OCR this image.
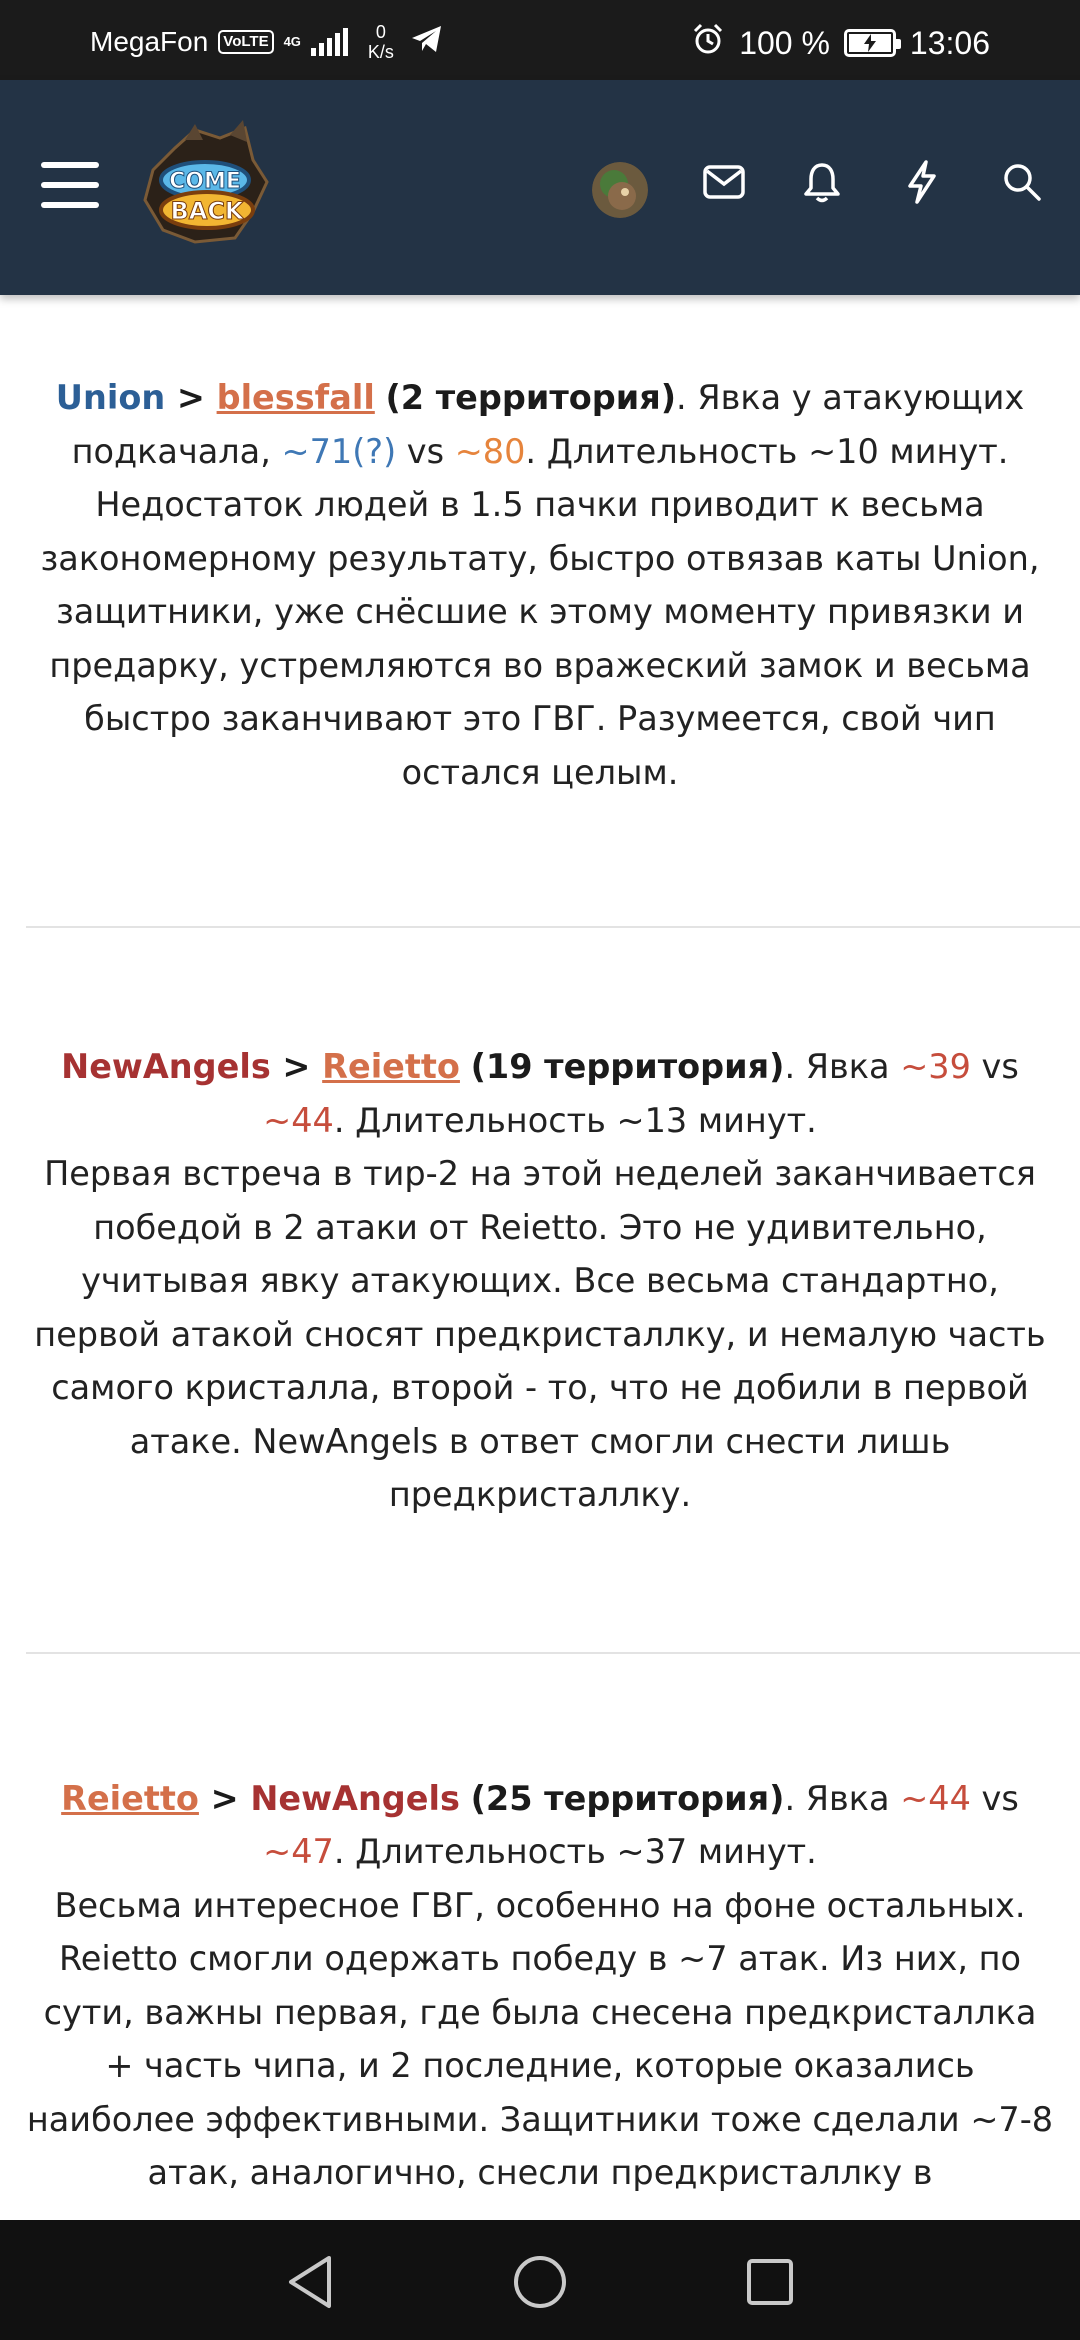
MegaFon	VoLTE	4G	0
K/s	100 %	13:06
COME
BACK

Union > blessfall (2 территория). Явка у атакующих подкачала, ~71(?) vs ~80. Длительность ~10 минут.

Недостаток людей в 1.5 пачки приводит к весьма закономерному результату, быстро отвязав каты Union, защитники, уже снёсшие к этому моменту привязки и предарку, устремляются во вражеский замок и весьма быстро заканчивают это ГВГ. Разумеется, свой чип остался целым.

NewAngels > Reietto (19 территория). Явка ~39 vs ~44. Длительность ~13 минут.

Первая встреча в тир-2 на этой неделей заканчивается победой в 2 атаки от Reietto. Это не удивительно, учитывая явку атакующих. Все весьма стандартно, первой атакой сносят предкристаллку, и немалую часть самого кристалла, второй - то, что не добили в первой атаке. NewAngels в ответ смогли снести лишь предкристаллку.

Reietto > NewAngels (25 территория). Явка ~44 vs ~47. Длительность ~37 минут.

Весьма интересное ГВГ, особенно на фоне остальных. Reietto смогли одержать победу в ~7 атак. Из них, по сути, важны первая, где была снесена предкристаллка + часть чипа, и 2 последние, которые оказались наиболее эффективными. Защитники тоже сделали ~7-8 атак, аналогично, снесли предкристаллку в
